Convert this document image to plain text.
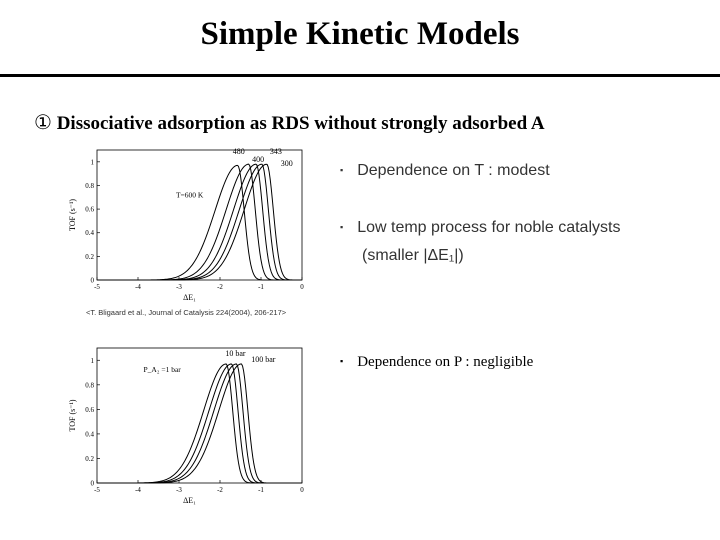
Simple Kinetic Models
① Dissociative adsorption as RDS without strongly adsorbed A
-5	-4	-3	-2	-1	0
0
0.2
0.4
0.6
0.8
1
ΔE₁
TOF (s⁻¹)
T=600 K
480
400
343
300
<T. Bligaard et al., Journal of Catalysis 224(2004), 206-217>
-5	-4	-3	-2	-1	0
0
0.2
0.4
0.6
0.8
1
ΔE₁
TOF (s⁻¹)
P_A₂ =1 bar
10 bar
100 bar
▪ Dependence on T : modest
▪ Low temp process for noble catalysts
(smaller |ΔE₁|)
▪ Dependence on P : negligible
